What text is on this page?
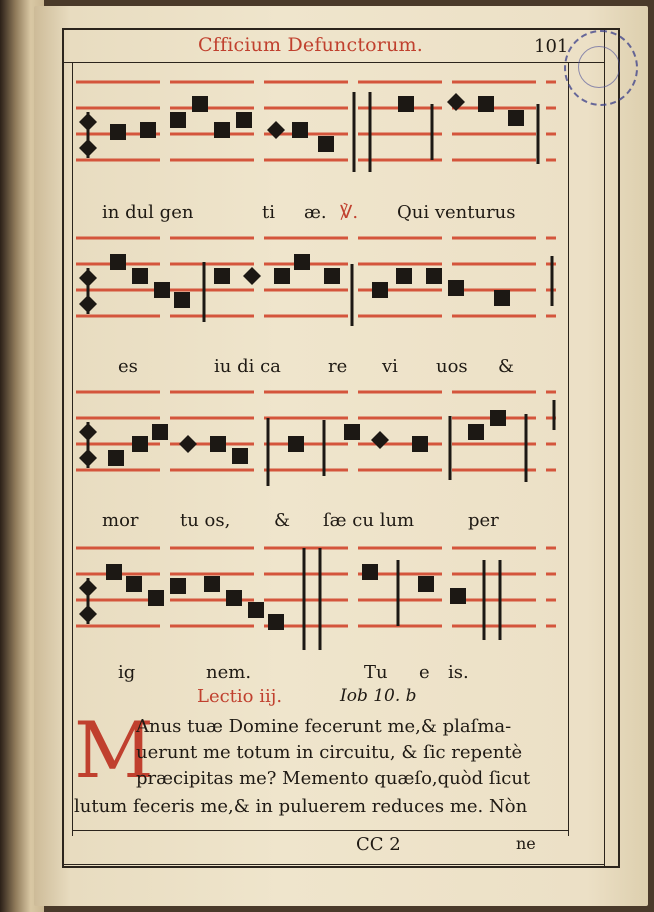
Cfficium Defunctorum.	101
in dul gen	ti æ. ℣. Qui venturus
es	iu di ca	re vi uos &
mor tu os, & ſæ cu lum	per
ig	nem.	Tu e is.
Lectio iij.	Iob 10. b
M
Anus tuæ Domine fecerunt me,& plaſma-
uerunt me totum in circuitu, & ſic repentè
præcipitas me? Memento quæſo,quòd ſicut
lutum feceris me,& in puluerem reduces me. Nòn
CC 2	ne
